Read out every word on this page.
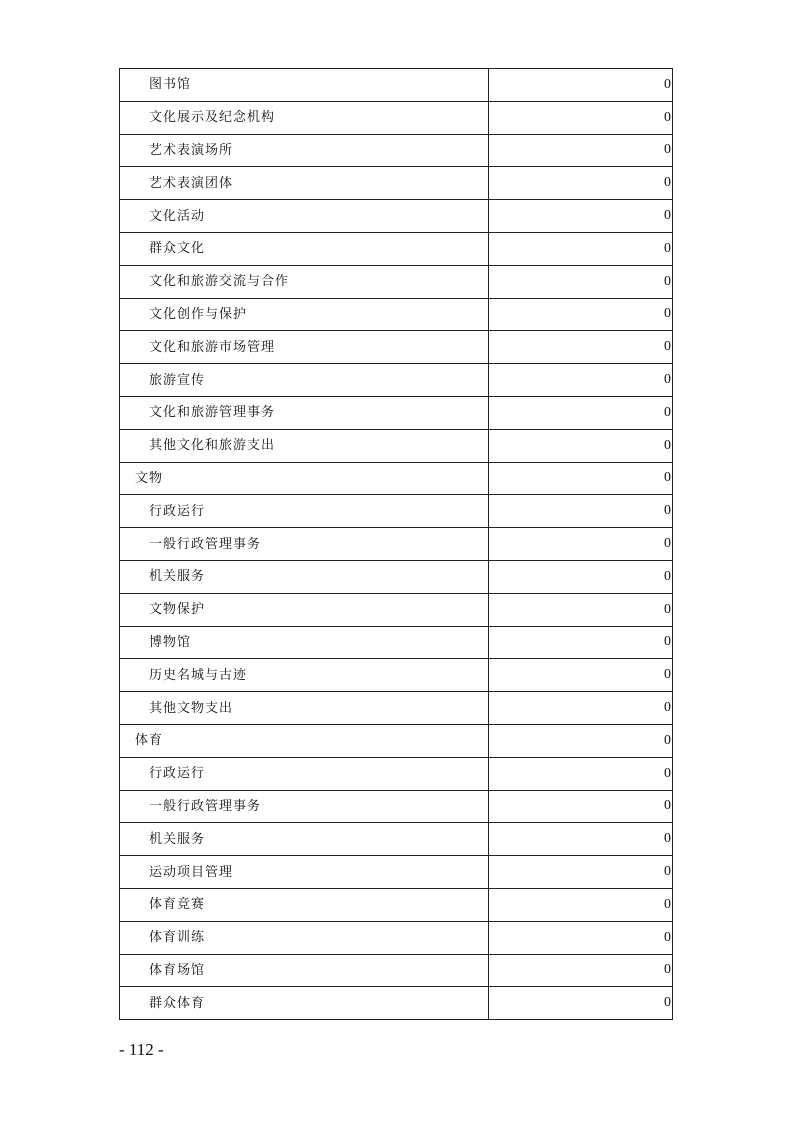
图书馆	0
文化展示及纪念机构	0
艺术表演场所	0
艺术表演团体	0
文化活动	0
群众文化	0
文化和旅游交流与合作	0
文化创作与保护	0
文化和旅游市场管理	0
旅游宣传	0
文化和旅游管理事务	0
其他文化和旅游支出	0
文物	0
行政运行	0
一般行政管理事务	0
机关服务	0
文物保护	0
博物馆	0
历史名城与古迹	0
其他文物支出	0
体育	0
行政运行	0
一般行政管理事务	0
机关服务	0
运动项目管理	0
体育竞赛	0
体育训练	0
体育场馆	0
群众体育	0
- 112 -
